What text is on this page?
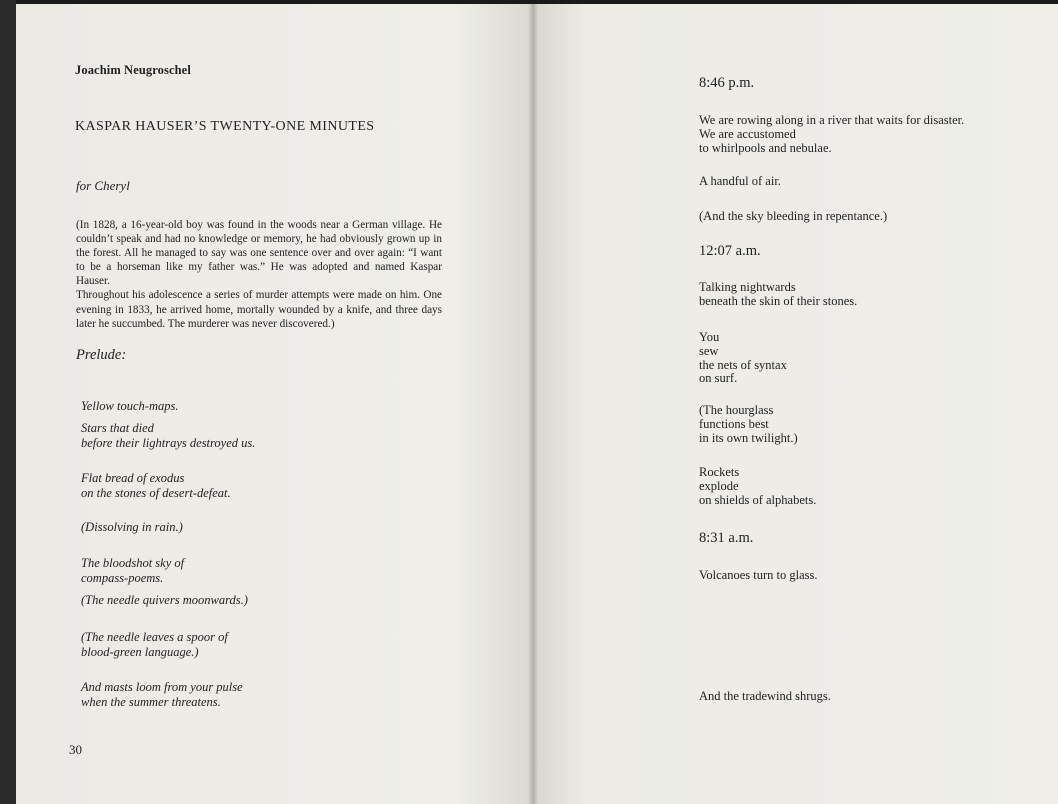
Joachim Neugroschel

KASPAR HAUSER’S TWENTY-ONE MINUTES

for Cheryl

(In 1828, a 16-year-old boy was found in the woods near a German village. He
couldn’t speak and had no knowledge or memory, he had obviously grown up in
the forest. All he managed to say was one sentence over and over again: “I want
to be a horseman like my father was.” He was adopted and named Kaspar Hauser.
Throughout his adolescence a series of murder attempts were made on him. One
evening in 1833, he arrived home, mortally wounded by a knife, and three days
later he succumbed. The murderer was never discovered.)

Prelude:

Yellow touch-maps.
Stars that died
before their lightrays destroyed us.
Flat bread of exodus
on the stones of desert-defeat.
(Dissolving in rain.)
The bloodshot sky of
compass-poems.
(The needle quivers moonwards.)
(The needle leaves a spoor of
blood-green language.)
And masts loom from your pulse
when the summer threatens.

30

8:46 p.m.
We are rowing along in a river that waits for disaster.
We are accustomed
to whirlpools and nebulae.
A handful of air.
(And the sky bleeding in repentance.)
12:07 a.m.
Talking nightwards
beneath the skin of their stones.
You
sew
the nets of syntax
on surf.
(The hourglass
functions best
in its own twilight.)
Rockets
explode
on shields of alphabets.
8:31 a.m.
Volcanoes turn to glass.
And the tradewind shrugs.
